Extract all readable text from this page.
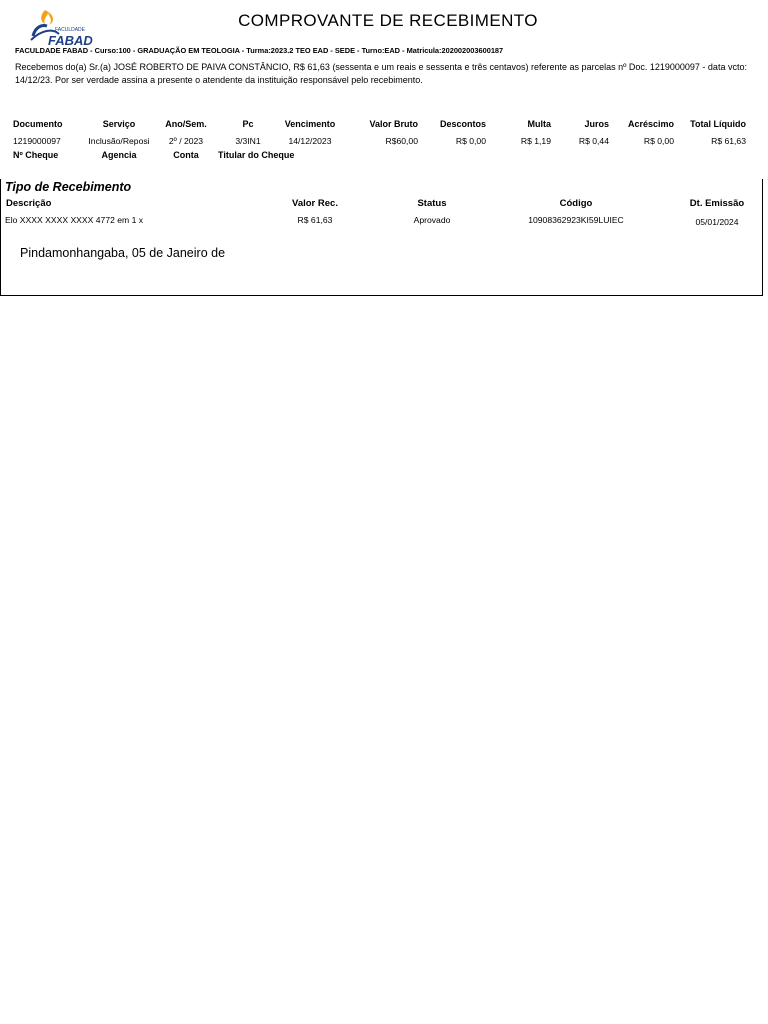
FACULDADE
FABAD
COMPROVANTE DE RECEBIMENTO
FACULDADE FABAD - Curso:100 - GRADUAÇÃO EM TEOLOGIA - Turma:2023.2 TEO EAD - SEDE - Turno:EAD - Matricula:202002003600187
Recebemos do(a) Sr.(a) JOSÉ ROBERTO DE PAIVA CONSTÂNCIO, R$ 61,63 (sessenta e um reais e sessenta e três centavos) referente as parcelas nº Doc. 1219000097 - data vcto: 14/12/23. Por ser verdade assina a presente o atendente da instituição responsável pelo recebimento.
Documento	Serviço	Ano/Sem.	Pc	Vencimento	Valor Bruto	Descontos	Multa	Juros	Acréscimo	Total Líquido
1219000097	Inclusão/Reposi	2º / 2023	3/3IN1	14/12/2023	R$60,00	R$ 0,00	R$ 1,19	R$ 0,44	R$ 0,00	R$ 61,63
Nº Cheque	Agencia	Conta	Titular do Cheque
Tipo de Recebimento
Descrição	Valor Rec.	Status	Código	Dt. Emissão
Elo XXXX XXXX XXXX 4772 em 1 x	R$ 61,63	Aprovado	10908362923KI59LUIEC	05/01/2024
Pindamonhangaba, 05 de Janeiro de
